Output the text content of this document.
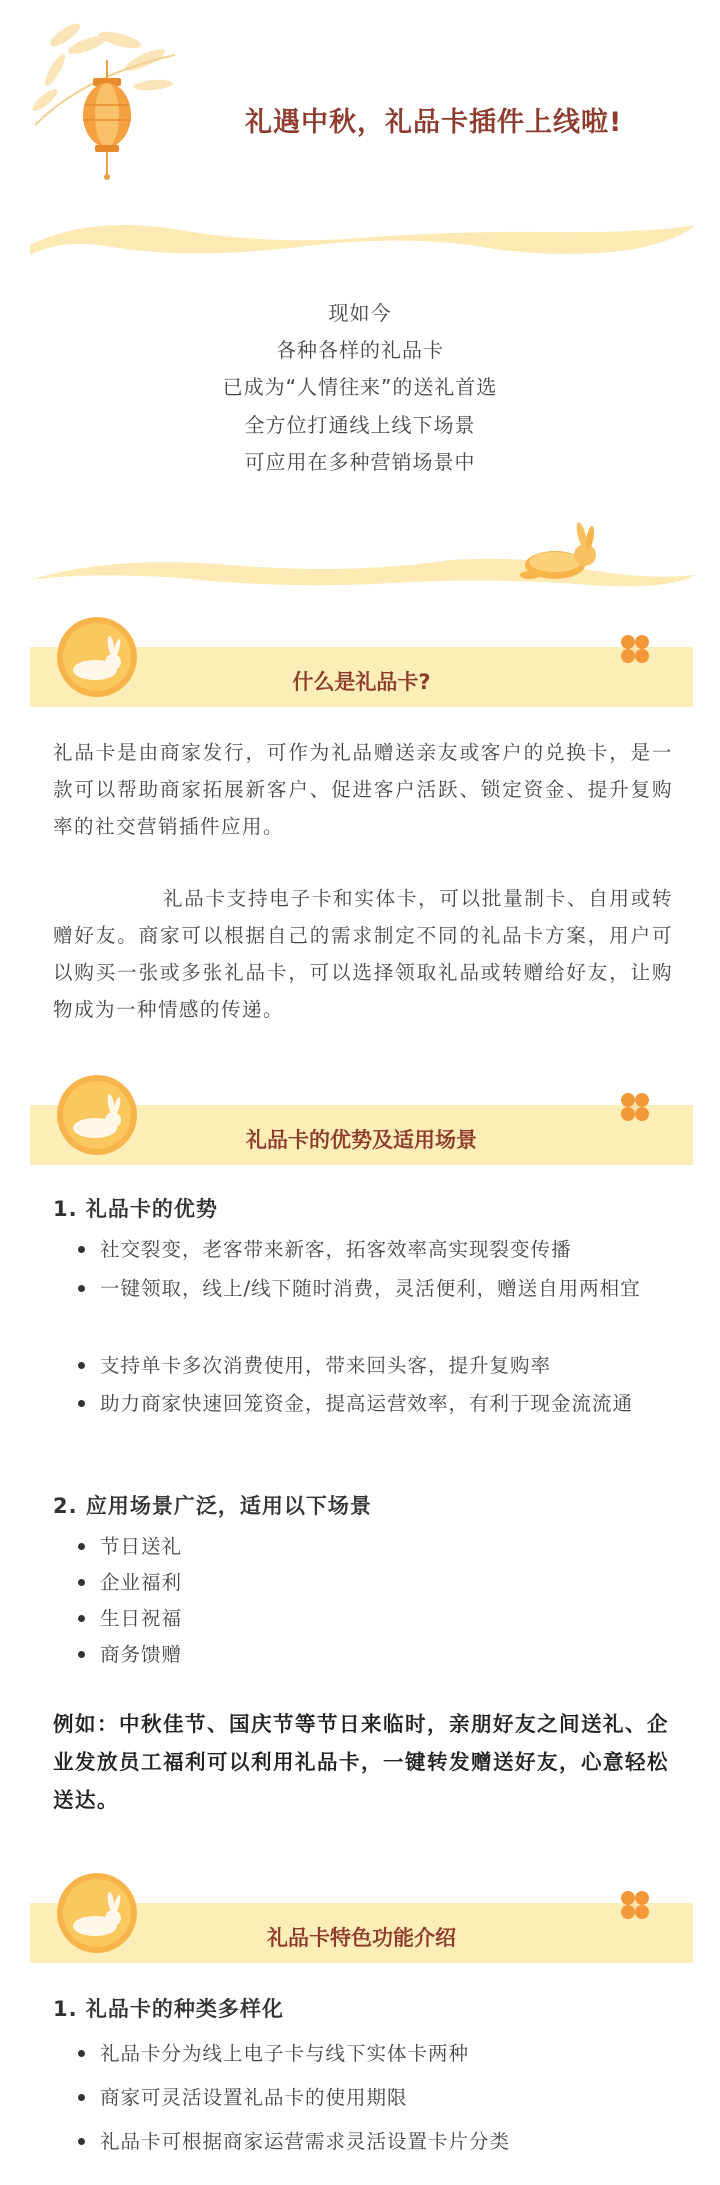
礼遇中秋，礼品卡插件上线啦!
现如今
各种各样的礼品卡
已成为“人情往来”的送礼首选
全方位打通线上线下场景
可应用在多种营销场景中
什么是礼品卡?
礼品卡是由商家发行，可作为礼品赠送亲友或客户的兑换卡，是一款可以帮助商家拓展新客户、促进客户活跃、锁定资金、提升复购率的社交营销插件应用。
礼品卡支持电子卡和实体卡，可以批量制卡、自用或转赠好友。商家可以根据自己的需求制定不同的礼品卡方案，用户可以购买一张或多张礼品卡，可以选择领取礼品或转赠给好友，让购物成为一种情感的传递。
礼品卡的优势及适用场景
1. 礼品卡的优势
社交裂变，老客带来新客，拓客效率高实现裂变传播
一键领取，线上/线下随时消费，灵活便利，赠送自用两相宜
支持单卡多次消费使用，带来回头客，提升复购率
助力商家快速回笼资金，提高运营效率，有利于现金流流通
2. 应用场景广泛，适用以下场景
节日送礼
企业福利
生日祝福
商务馈赠
例如：中秋佳节、国庆节等节日来临时，亲朋好友之间送礼、企业发放员工福利可以利用礼品卡，一键转发赠送好友，心意轻松送达。
礼品卡特色功能介绍
1. 礼品卡的种类多样化
礼品卡分为线上电子卡与线下实体卡两种
商家可灵活设置礼品卡的使用期限
礼品卡可根据商家运营需求灵活设置卡片分类
